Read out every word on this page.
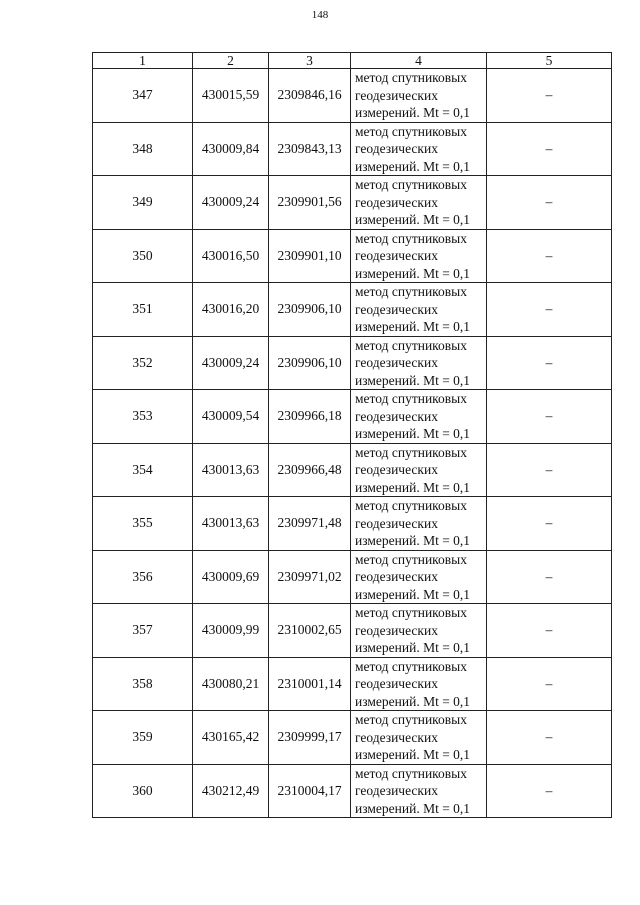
148
1	2	3	4	5
347	430015,59	2309846,16	метод спутниковых
геодезических
измерений. Mt = 0,1	–
348	430009,84	2309843,13	метод спутниковых
геодезических
измерений. Mt = 0,1	–
349	430009,24	2309901,56	метод спутниковых
геодезических
измерений. Mt = 0,1	–
350	430016,50	2309901,10	метод спутниковых
геодезических
измерений. Mt = 0,1	–
351	430016,20	2309906,10	метод спутниковых
геодезических
измерений. Mt = 0,1	–
352	430009,24	2309906,10	метод спутниковых
геодезических
измерений. Mt = 0,1	–
353	430009,54	2309966,18	метод спутниковых
геодезических
измерений. Mt = 0,1	–
354	430013,63	2309966,48	метод спутниковых
геодезических
измерений. Mt = 0,1	–
355	430013,63	2309971,48	метод спутниковых
геодезических
измерений. Mt = 0,1	–
356	430009,69	2309971,02	метод спутниковых
геодезических
измерений. Mt = 0,1	–
357	430009,99	2310002,65	метод спутниковых
геодезических
измерений. Mt = 0,1	–
358	430080,21	2310001,14	метод спутниковых
геодезических
измерений. Mt = 0,1	–
359	430165,42	2309999,17	метод спутниковых
геодезических
измерений. Mt = 0,1	–
360	430212,49	2310004,17	метод спутниковых
геодезических
измерений. Mt = 0,1	–
